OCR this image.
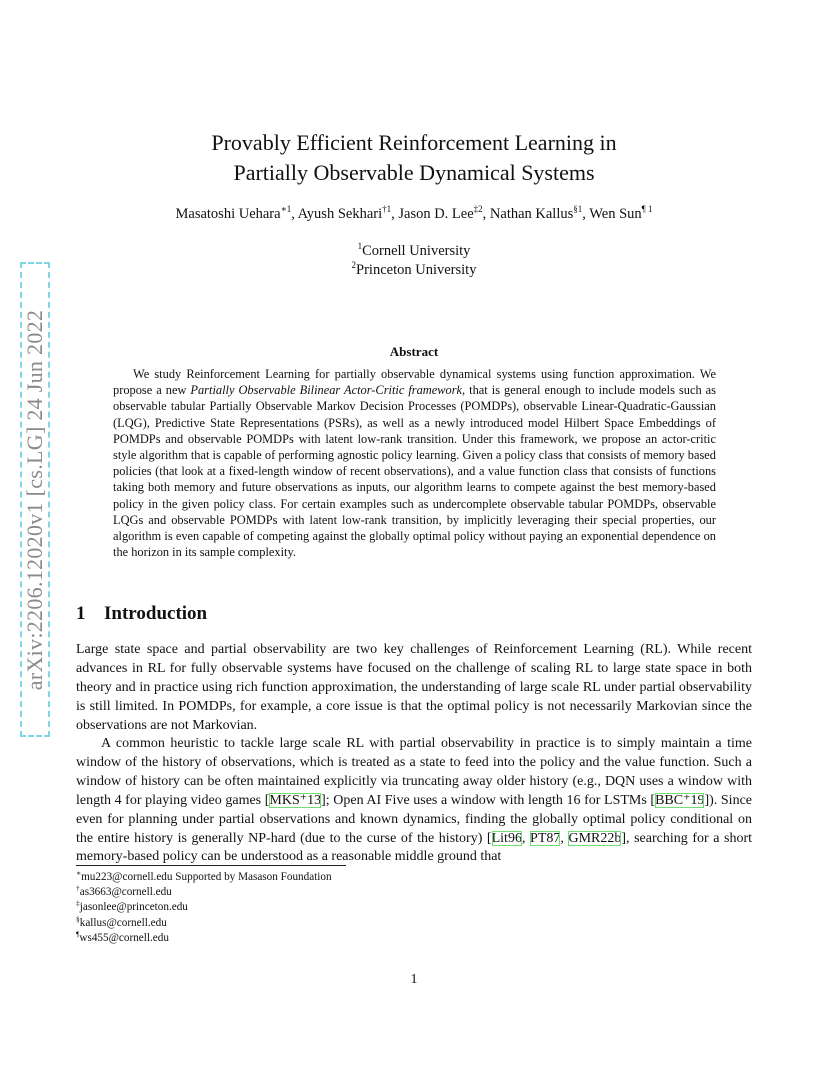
arXiv:2206.12020v1 [cs.LG] 24 Jun 2022
Provably Efficient Reinforcement Learning in
Partially Observable Dynamical Systems
Masatoshi Uehara$^{∗1}$, Ayush Sekhari$^{\dagger 1}$, Jason D. Lee$^{\ddagger 2}$, Nathan Kallus$^{\S 1}$, Wen Sun$^{\P 1}$
$^1$Cornell University
$^2$Princeton University
Abstract
We study Reinforcement Learning for partially observable dynamical systems using function approximation. We propose a new Partially Observable Bilinear Actor-Critic framework, that is general enough to include models such as observable tabular Partially Observable Markov Decision Processes (POMDPs), observable Linear-Quadratic-Gaussian (LQG), Predictive State Representations (PSRs), as well as a newly introduced model Hilbert Space Embeddings of POMDPs and observable POMDPs with latent low-rank transition. Under this framework, we propose an actor-critic style algorithm that is capable of performing agnostic policy learning. Given a policy class that consists of memory based policies (that look at a fixed-length window of recent observations), and a value function class that consists of functions taking both memory and future observations as inputs, our algorithm learns to compete against the best memory-based policy in the given policy class. For certain examples such as undercomplete observable tabular POMDPs, observable LQGs and observable POMDPs with latent low-rank transition, by implicitly leveraging their special properties, our algorithm is even capable of competing against the globally optimal policy without paying an exponential dependence on the horizon in its sample complexity.
1 Introduction
Large state space and partial observability are two key challenges of Reinforcement Learning (RL). While recent advances in RL for fully observable systems have focused on the challenge of scaling RL to large state space in both theory and in practice using rich function approximation, the understanding of large scale RL under partial observability is still limited. In POMDPs, for example, a core issue is that the optimal policy is not necessarily Markovian since the observations are not Markovian.
A common heuristic to tackle large scale RL with partial observability in practice is to simply maintain a time window of the history of observations, which is treated as a state to feed into the policy and the value function. Such a window of history can be often maintained explicitly via truncating away older history (e.g., DQN uses a window with length 4 for playing video games [MKS⁺13]; Open AI Five uses a window with length 16 for LSTMs [BBC⁺19]). Since even for planning under partial observations and known dynamics, finding the globally optimal policy conditional on the entire history is generally NP-hard (due to the curse of the history) [Lit96, PT87, GMR22b], searching for a short memory-based policy can be understood as a reasonable middle ground that
∗mu223@cornell.edu Supported by Masason Foundation
†as3663@cornell.edu
‡jasonlee@princeton.edu
§kallus@cornell.edu
¶ws455@cornell.edu
1
